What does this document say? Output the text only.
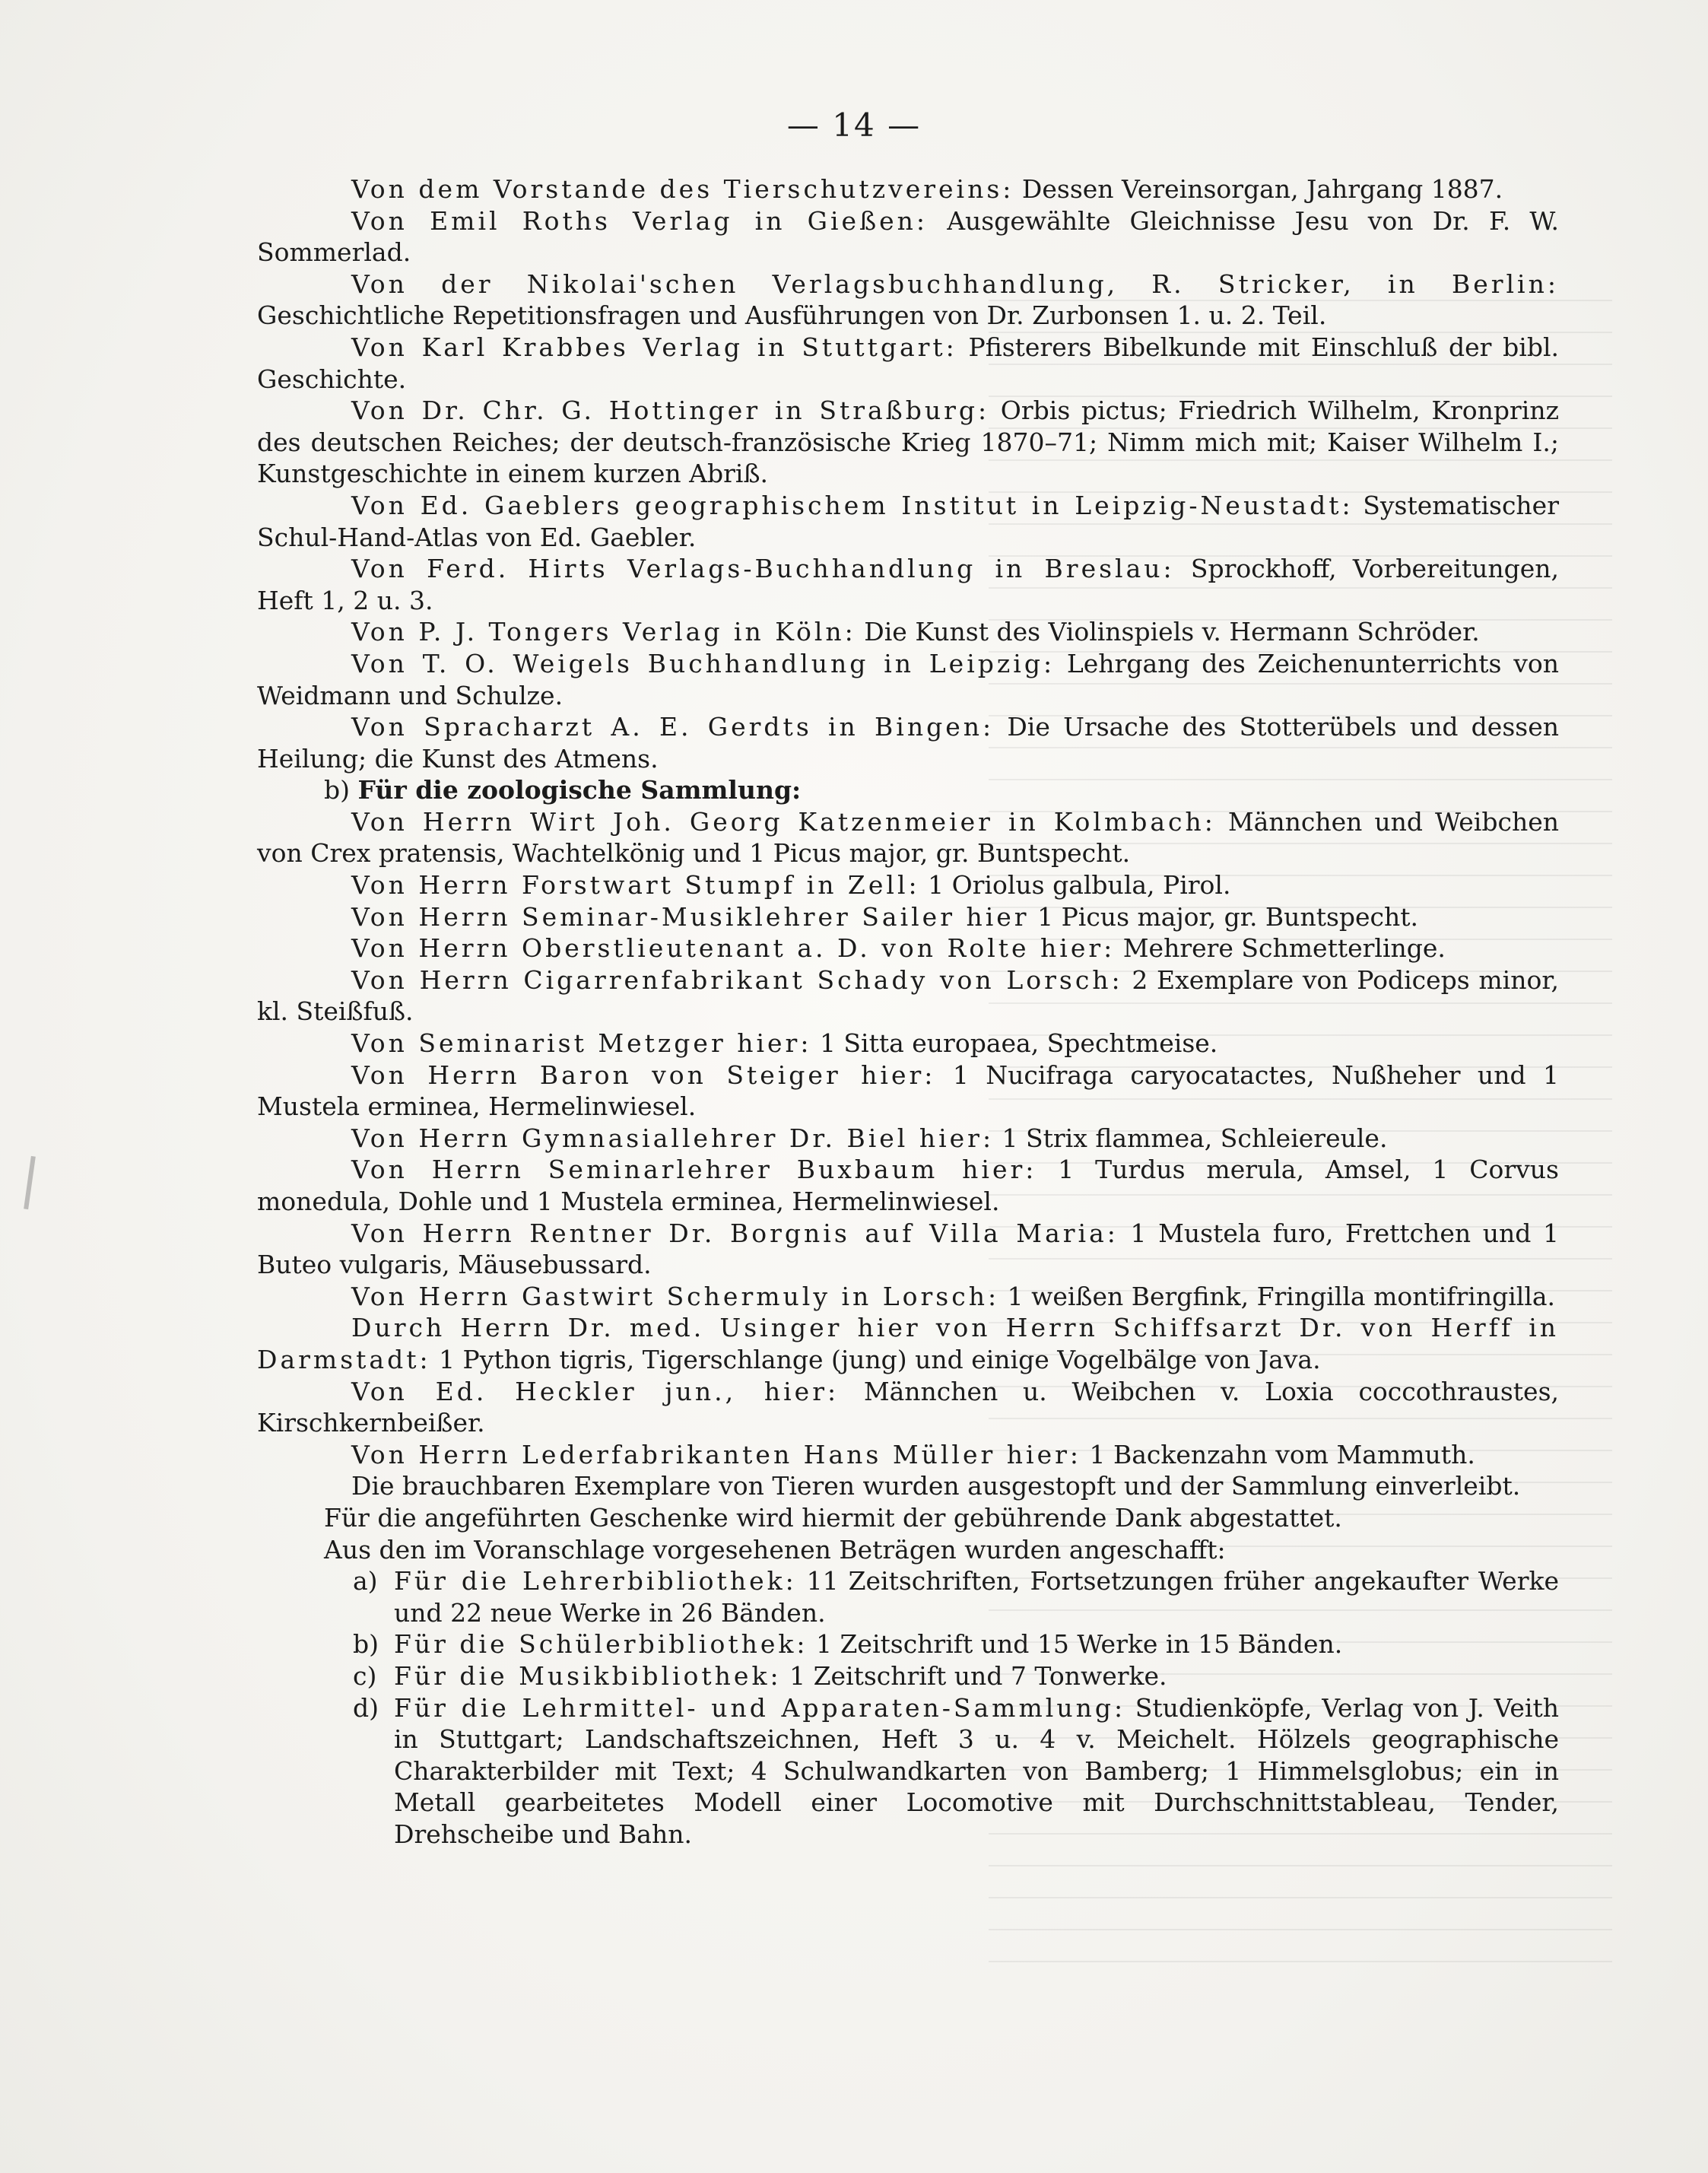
— 14 —

Von dem Vorstande des Tierschutzvereins: Dessen Vereinsorgan, Jahrgang 1887.

Von Emil Roths Verlag in Gießen: Ausgewählte Gleichnisse Jesu von Dr. F. W. Sommerlad.

Von der Nikolai'schen Verlagsbuchhandlung, R. Stricker, in Berlin: Geschichtliche Repetitionsfragen und Ausführungen von Dr. Zurbonsen 1. u. 2. Teil.

Von Karl Krabbes Verlag in Stuttgart: Pfisterers Bibelkunde mit Einschluß der bibl. Geschichte.

Von Dr. Chr. G. Hottinger in Straßburg: Orbis pictus; Friedrich Wilhelm, Kronprinz des deutschen Reiches; der deutsch-französische Krieg 1870–71; Nimm mich mit; Kaiser Wilhelm I.; Kunstgeschichte in einem kurzen Abriß.

Von Ed. Gaeblers geographischem Institut in Leipzig-Neustadt: Systematischer Schul-Hand-Atlas von Ed. Gaebler.

Von Ferd. Hirts Verlags-Buchhandlung in Breslau: Sprockhoff, Vorbereitungen, Heft 1, 2 u. 3.

Von P. J. Tongers Verlag in Köln: Die Kunst des Violinspiels v. Hermann Schröder.

Von T. O. Weigels Buchhandlung in Leipzig: Lehrgang des Zeichenunterrichts von Weidmann und Schulze.

Von Spracharzt A. E. Gerdts in Bingen: Die Ursache des Stotterübels und dessen Heilung; die Kunst des Atmens.

b) Für die zoologische Sammlung:

Von Herrn Wirt Joh. Georg Katzenmeier in Kolmbach: Männchen und Weibchen von Crex pratensis, Wachtelkönig und 1 Picus major, gr. Buntspecht.

Von Herrn Forstwart Stumpf in Zell: 1 Oriolus galbula, Pirol.

Von Herrn Seminar-Musiklehrer Sailer hier 1 Picus major, gr. Buntspecht.

Von Herrn Oberstlieutenant a. D. von Rolte hier: Mehrere Schmetterlinge.

Von Herrn Cigarrenfabrikant Schady von Lorsch: 2 Exemplare von Podiceps minor, kl. Steißfuß.

Von Seminarist Metzger hier: 1 Sitta europaea, Spechtmeise.

Von Herrn Baron von Steiger hier: 1 Nucifraga caryocatactes, Nußheher und 1 Mustela erminea, Hermelinwiesel.

Von Herrn Gymnasiallehrer Dr. Biel hier: 1 Strix flammea, Schleiereule.

Von Herrn Seminarlehrer Buxbaum hier: 1 Turdus merula, Amsel, 1 Corvus monedula, Dohle und 1 Mustela erminea, Hermelinwiesel.

Von Herrn Rentner Dr. Borgnis auf Villa Maria: 1 Mustela furo, Frettchen und 1 Buteo vulgaris, Mäusebussard.

Von Herrn Gastwirt Schermuly in Lorsch: 1 weißen Bergfink, Fringilla montifringilla.

Durch Herrn Dr. med. Usinger hier von Herrn Schiffsarzt Dr. von Herff in Darmstadt: 1 Python tigris, Tigerschlange (jung) und einige Vogelbälge von Java.

Von Ed. Heckler jun., hier: Männchen u. Weibchen v. Loxia coccothraustes, Kirschkernbeißer.

Von Herrn Lederfabrikanten Hans Müller hier: 1 Backenzahn vom Mammuth.

Die brauchbaren Exemplare von Tieren wurden ausgestopft und der Sammlung einverleibt.

Für die angeführten Geschenke wird hiermit der gebührende Dank abgestattet.

Aus den im Voranschlage vorgesehenen Beträgen wurden angeschafft:

a) Für die Lehrerbibliothek: 11 Zeitschriften, Fortsetzungen früher angekaufter Werke und 22 neue Werke in 26 Bänden.

b) Für die Schülerbibliothek: 1 Zeitschrift und 15 Werke in 15 Bänden.

c) Für die Musikbibliothek: 1 Zeitschrift und 7 Tonwerke.

d) Für die Lehrmittel- und Apparaten-Sammlung: Studienköpfe, Verlag von J. Veith in Stuttgart; Landschaftszeichnen, Heft 3 u. 4 v. Meichelt. Hölzels geographische Charakterbilder mit Text; 4 Schulwandkarten von Bamberg; 1 Himmelsglobus; ein in Metall gearbeitetes Modell einer Locomotive mit Durchschnittstableau, Tender, Drehscheibe und Bahn.
